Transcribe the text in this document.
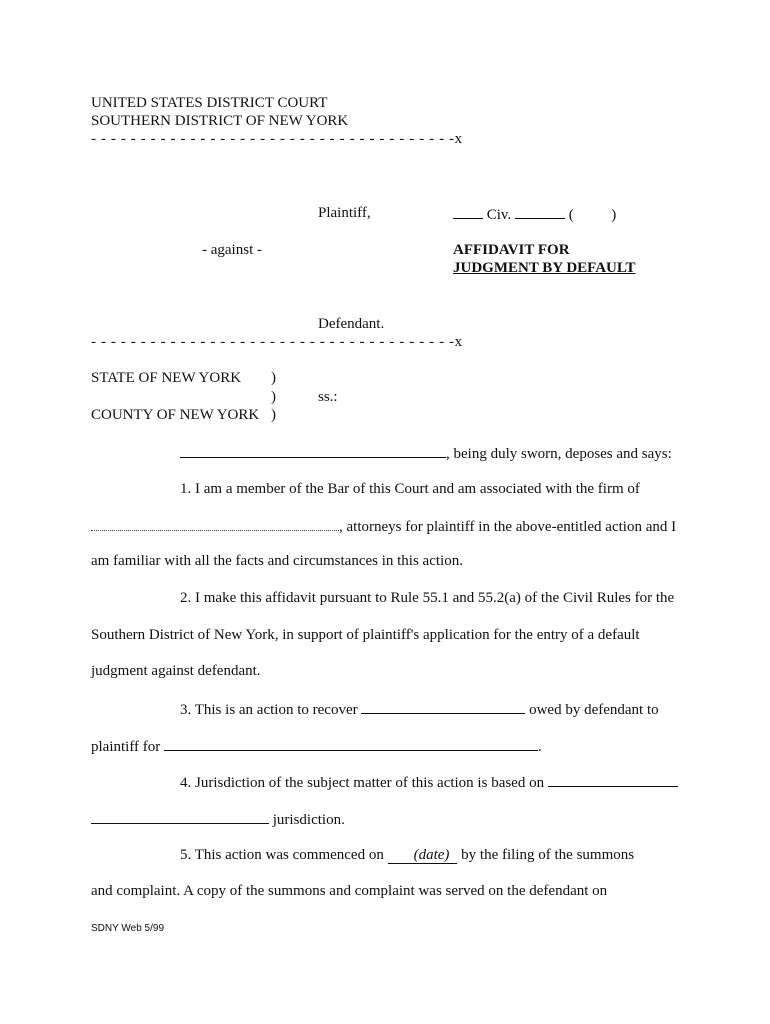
UNITED STATES DISTRICT COURT
SOUTHERN DISTRICT OF NEW YORK
- - - - - - - - - - - - - - - - - - - - - - - - - - - - - - - - - - - - -x
Plaintiff,	Civ.	(	)
- against -	AFFIDAVIT FOR
JUDGMENT BY DEFAULT
Defendant.
- - - - - - - - - - - - - - - - - - - - - - - - - - - - - - - - - - - - -x
STATE OF NEW YORK )
)	ss.:
COUNTY OF NEW YORK )
, being duly sworn, deposes and says:
1. I am a member of the Bar of this Court and am associated with the firm of
, attorneys for plaintiff in the above-entitled action and I
am familiar with all the facts and circumstances in this action.
2. I make this affidavit pursuant to Rule 55.1 and 55.2(a) of the Civil Rules for the
Southern District of New York, in support of plaintiff's application for the entry of a default
judgment against defendant.
3. This is an action to recover	owed by defendant to
plaintiff for	.
4. Jurisdiction of the subject matter of this action is based on
jurisdiction.
5. This action was commenced on (date) by the filing of the summons
and complaint. A copy of the summons and complaint was served on the defendant on
SDNY Web 5/99
